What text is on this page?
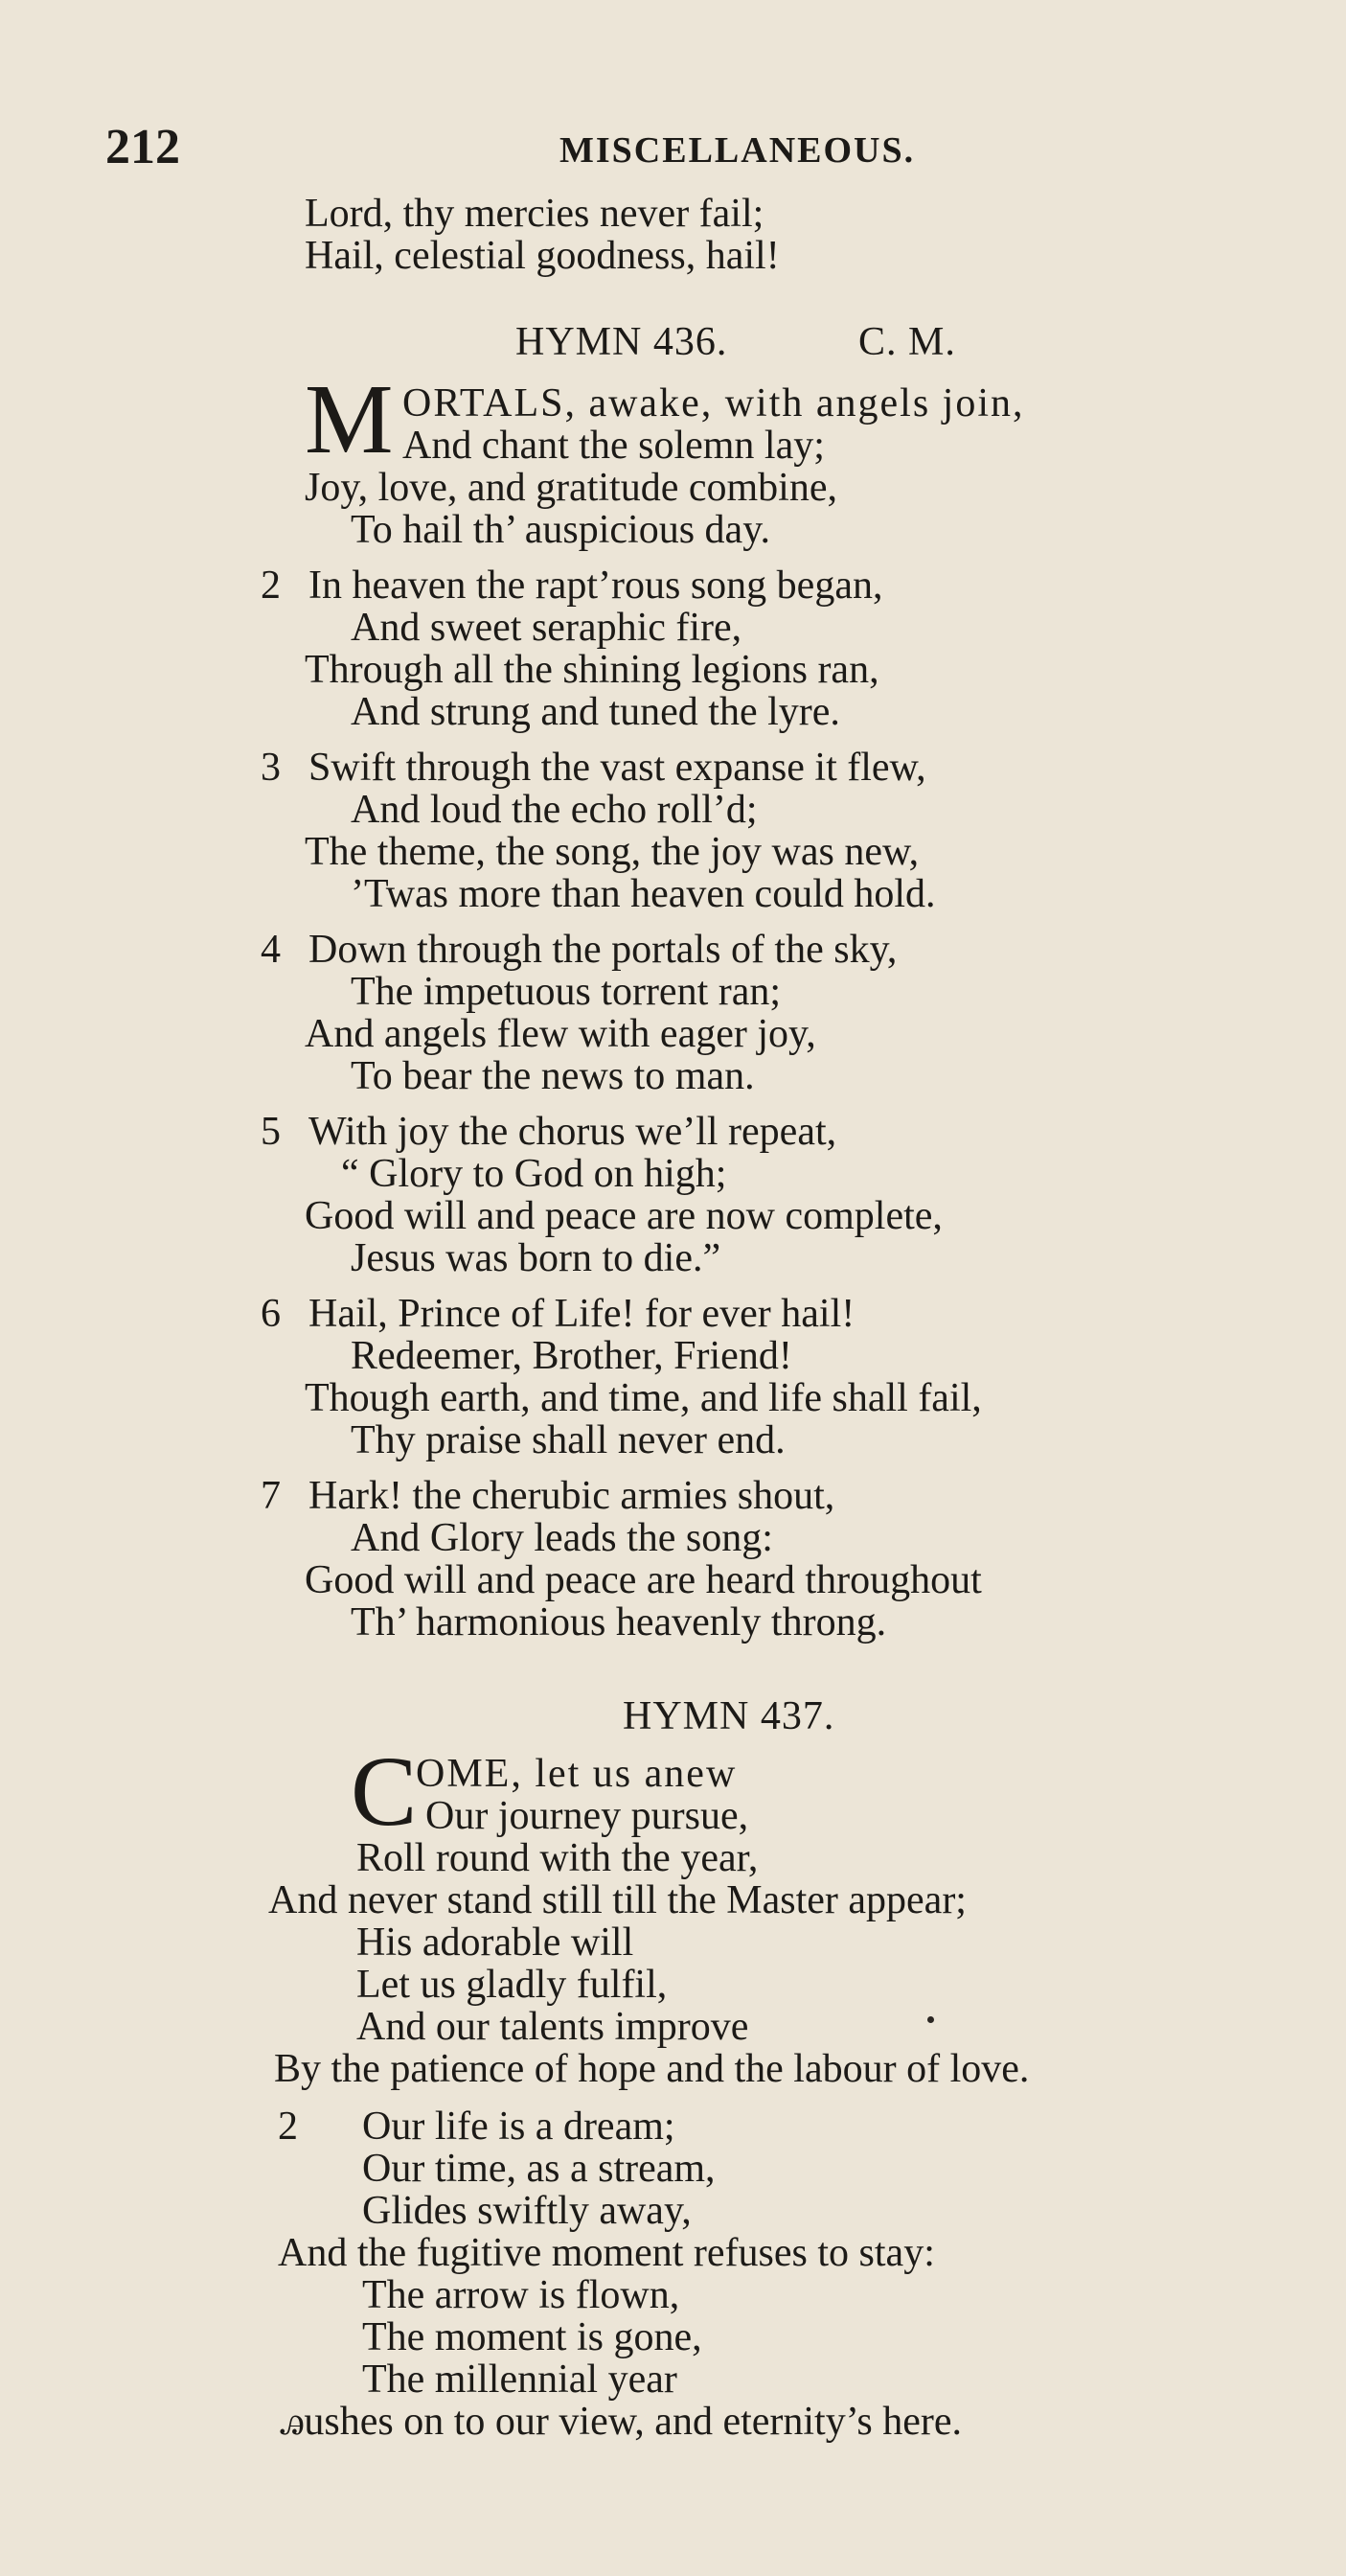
212	MISCELLANEOUS.
Lord, thy mercies never fail;
Hail, celestial goodness, hail!
HYMN 436.	C. M.
M ORTALS, awake, with angels join,
And chant the solemn lay;
Joy, love, and gratitude combine,
To hail th’ auspicious day.
2 In heaven the rapt’rous song began,
And sweet seraphic fire,
Through all the shining legions ran,
And strung and tuned the lyre.
3 Swift through the vast expanse it flew,
And loud the echo roll’d;
The theme, the song, the joy was new,
’Twas more than heaven could hold.
4 Down through the portals of the sky,
The impetuous torrent ran;
And angels flew with eager joy,
To bear the news to man.
5 With joy the chorus we’ll repeat,
“ Glory to God on high;
Good will and peace are now complete,
Jesus was born to die.”
6 Hail, Prince of Life! for ever hail!
Redeemer, Brother, Friend!
Though earth, and time, and life shall fail,
Thy praise shall never end.
7 Hark! the cherubic armies shout,
And Glory leads the song:
Good will and peace are heard throughout
Th’ harmonious heavenly throng.
HYMN 437.
C
OME, let us anew
Our journey pursue,
Roll round with the year,
And never stand still till the Master appear;
His adorable will
Let us gladly fulfil,
And our talents improve
By the patience of hope and the labour of love.
2 Our life is a dream;
Our time, as a stream,
Glides swiftly away,
And the fugitive moment refuses to stay:
The arrow is flown,
The moment is gone,
The millennial year
ꭿushes on to our view, and eternity’s here.
